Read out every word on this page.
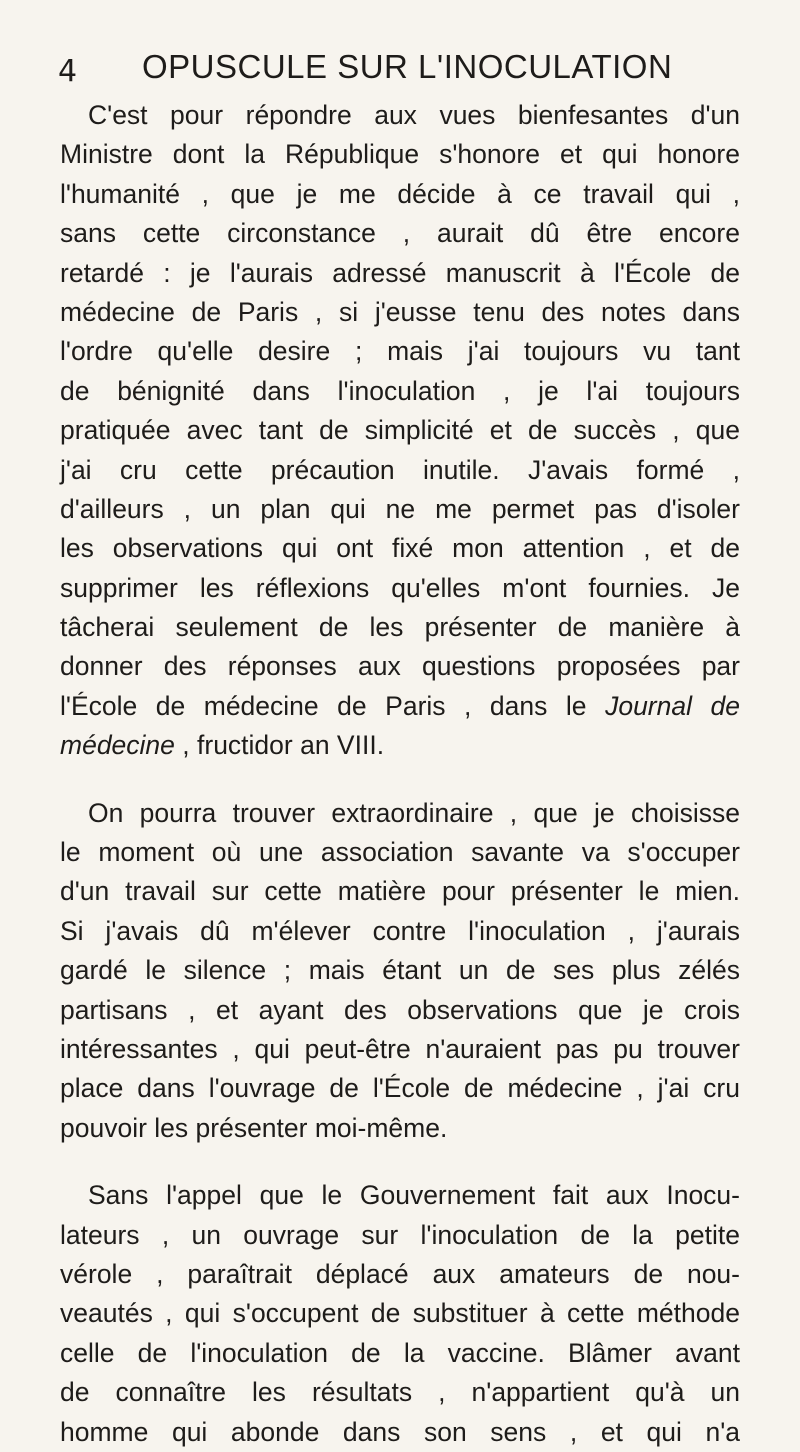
4 OPUSCULE SUR L'INOCULATION

C'est pour répondre aux vues bienfesantes d'un
Ministre dont la République s'honore et qui honore
l'humanité , que je me décide à ce travail qui ,
sans cette circonstance , aurait dû être encore
retardé : je l'aurais adressé manuscrit à l'École de
médecine de Paris , si j'eusse tenu des notes dans
l'ordre qu'elle desire ; mais j'ai toujours vu tant
de bénignité dans l'inoculation , je l'ai toujours
pratiquée avec tant de simplicité et de succès , que
j'ai cru cette précaution inutile. J'avais formé ,
d'ailleurs , un plan qui ne me permet pas d'isoler
les observations qui ont fixé mon attention , et de
supprimer les réflexions qu'elles m'ont fournies. Je
tâcherai seulement de les présenter de manière à
donner des réponses aux questions proposées par
l'École de médecine de Paris , dans le Journal de
médecine , fructidor an VIII.

On pourra trouver extraordinaire , que je choisisse
le moment où une association savante va s'occuper
d'un travail sur cette matière pour présenter le mien.
Si j'avais dû m'élever contre l'inoculation , j'aurais
gardé le silence ; mais étant un de ses plus zélés
partisans , et ayant des observations que je crois
intéressantes , qui peut-être n'auraient pas pu trouver
place dans l'ouvrage de l'École de médecine , j'ai cru
pouvoir les présenter moi-même.

Sans l'appel que le Gouvernement fait aux Inocu-
lateurs , un ouvrage sur l'inoculation de la petite
vérole , paraîtrait déplacé aux amateurs de nou-
veautés , qui s'occupent de substituer à cette méthode
celle de l'inoculation de la vaccine. Blâmer avant
de connaître les résultats , n'appartient qu'à un
homme qui abonde dans son sens , et qui n'a
